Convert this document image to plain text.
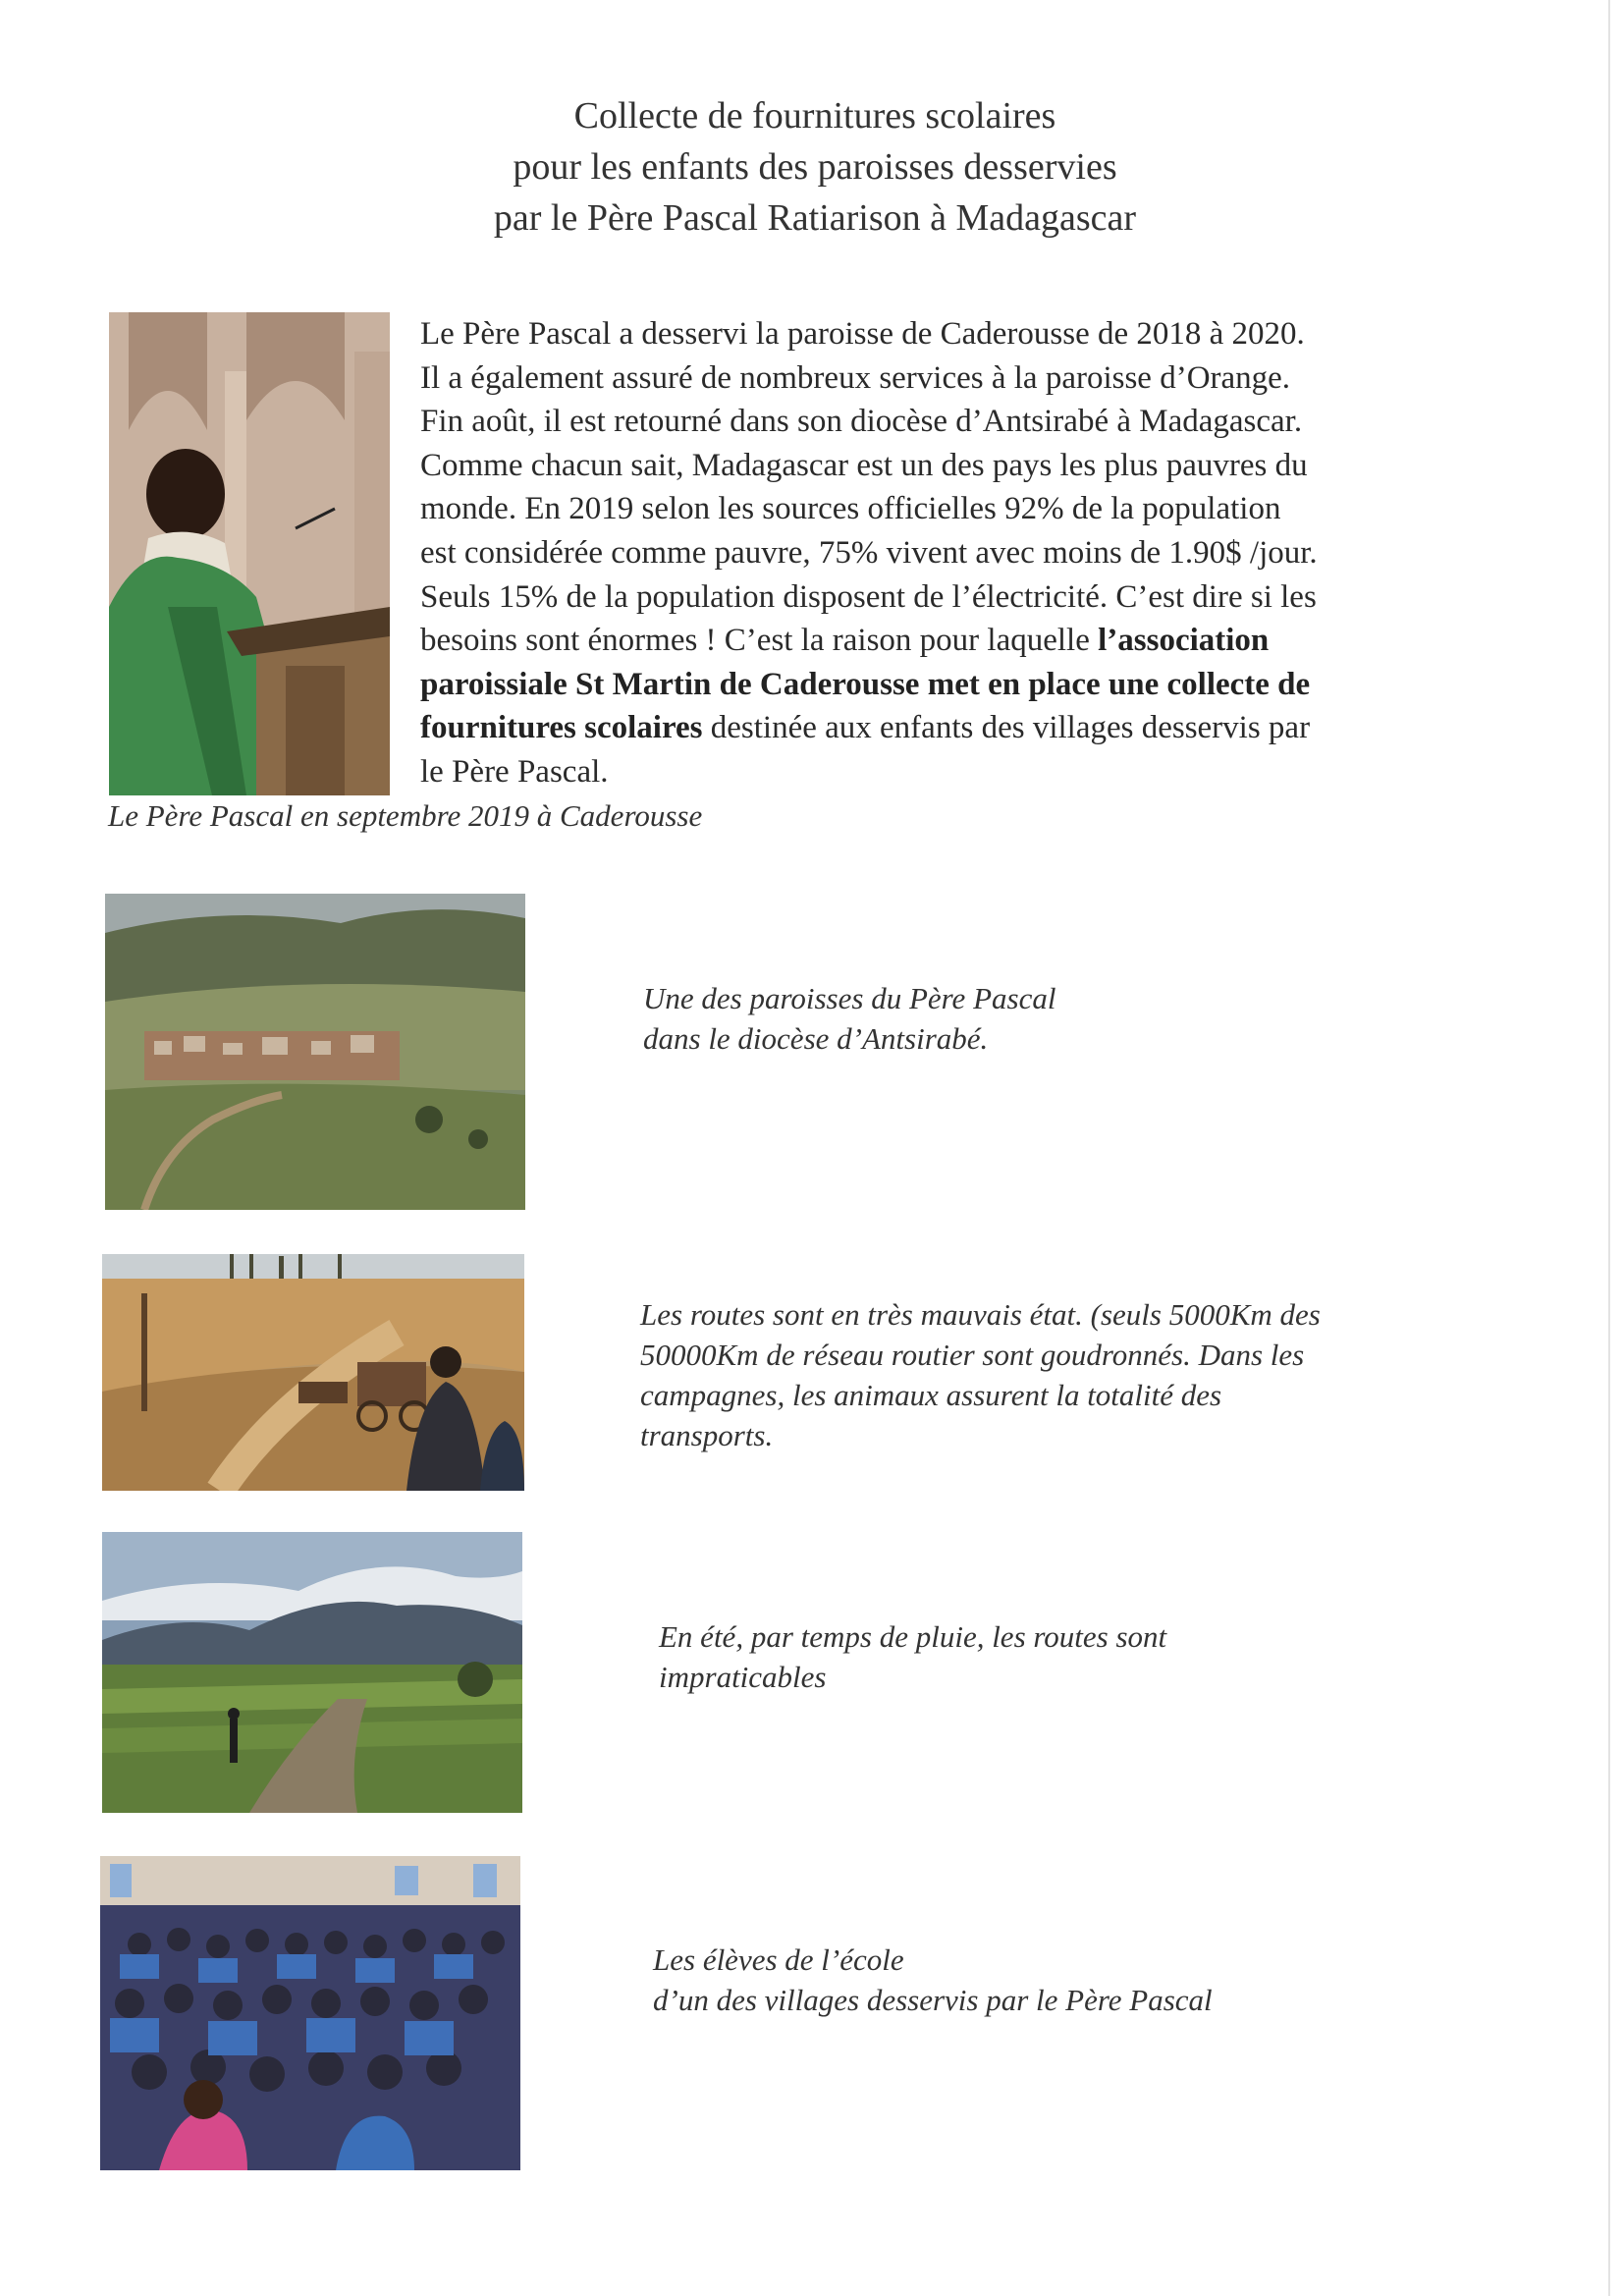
Collecte de fournitures scolaires
pour les enfants des paroisses desservies
par le Père Pascal Ratiarison à Madagascar
Le Père Pascal a desservi la paroisse de Caderousse de 2018 à 2020.
Il a également assuré de nombreux services à la paroisse d’Orange.
Fin août, il est retourné dans son diocèse d’Antsirabé à Madagascar.
Comme chacun sait, Madagascar est un des pays les plus pauvres du
monde. En 2019 selon les sources officielles 92% de la population
est considérée comme pauvre, 75% vivent avec moins de 1.90$ /jour.
Seuls 15% de la population disposent de l’électricité. C’est dire si les
besoins sont énormes ! C’est la raison pour laquelle l’association
paroissiale St Martin de Caderousse met en place une collecte de
fournitures scolaires destinée aux enfants des villages desservis par
le Père Pascal.
Le Père Pascal en septembre 2019 à Caderousse
Une des paroisses du Père Pascal
dans le diocèse d’Antsirabé.
Les routes sont en très mauvais état. (seuls 5000Km des
50000Km de réseau routier sont goudronnés. Dans les
campagnes, les animaux assurent la totalité des
transports.
En été, par temps de pluie, les routes sont
impraticables
Les élèves de l’école
d’un des villages desservis par le Père Pascal
